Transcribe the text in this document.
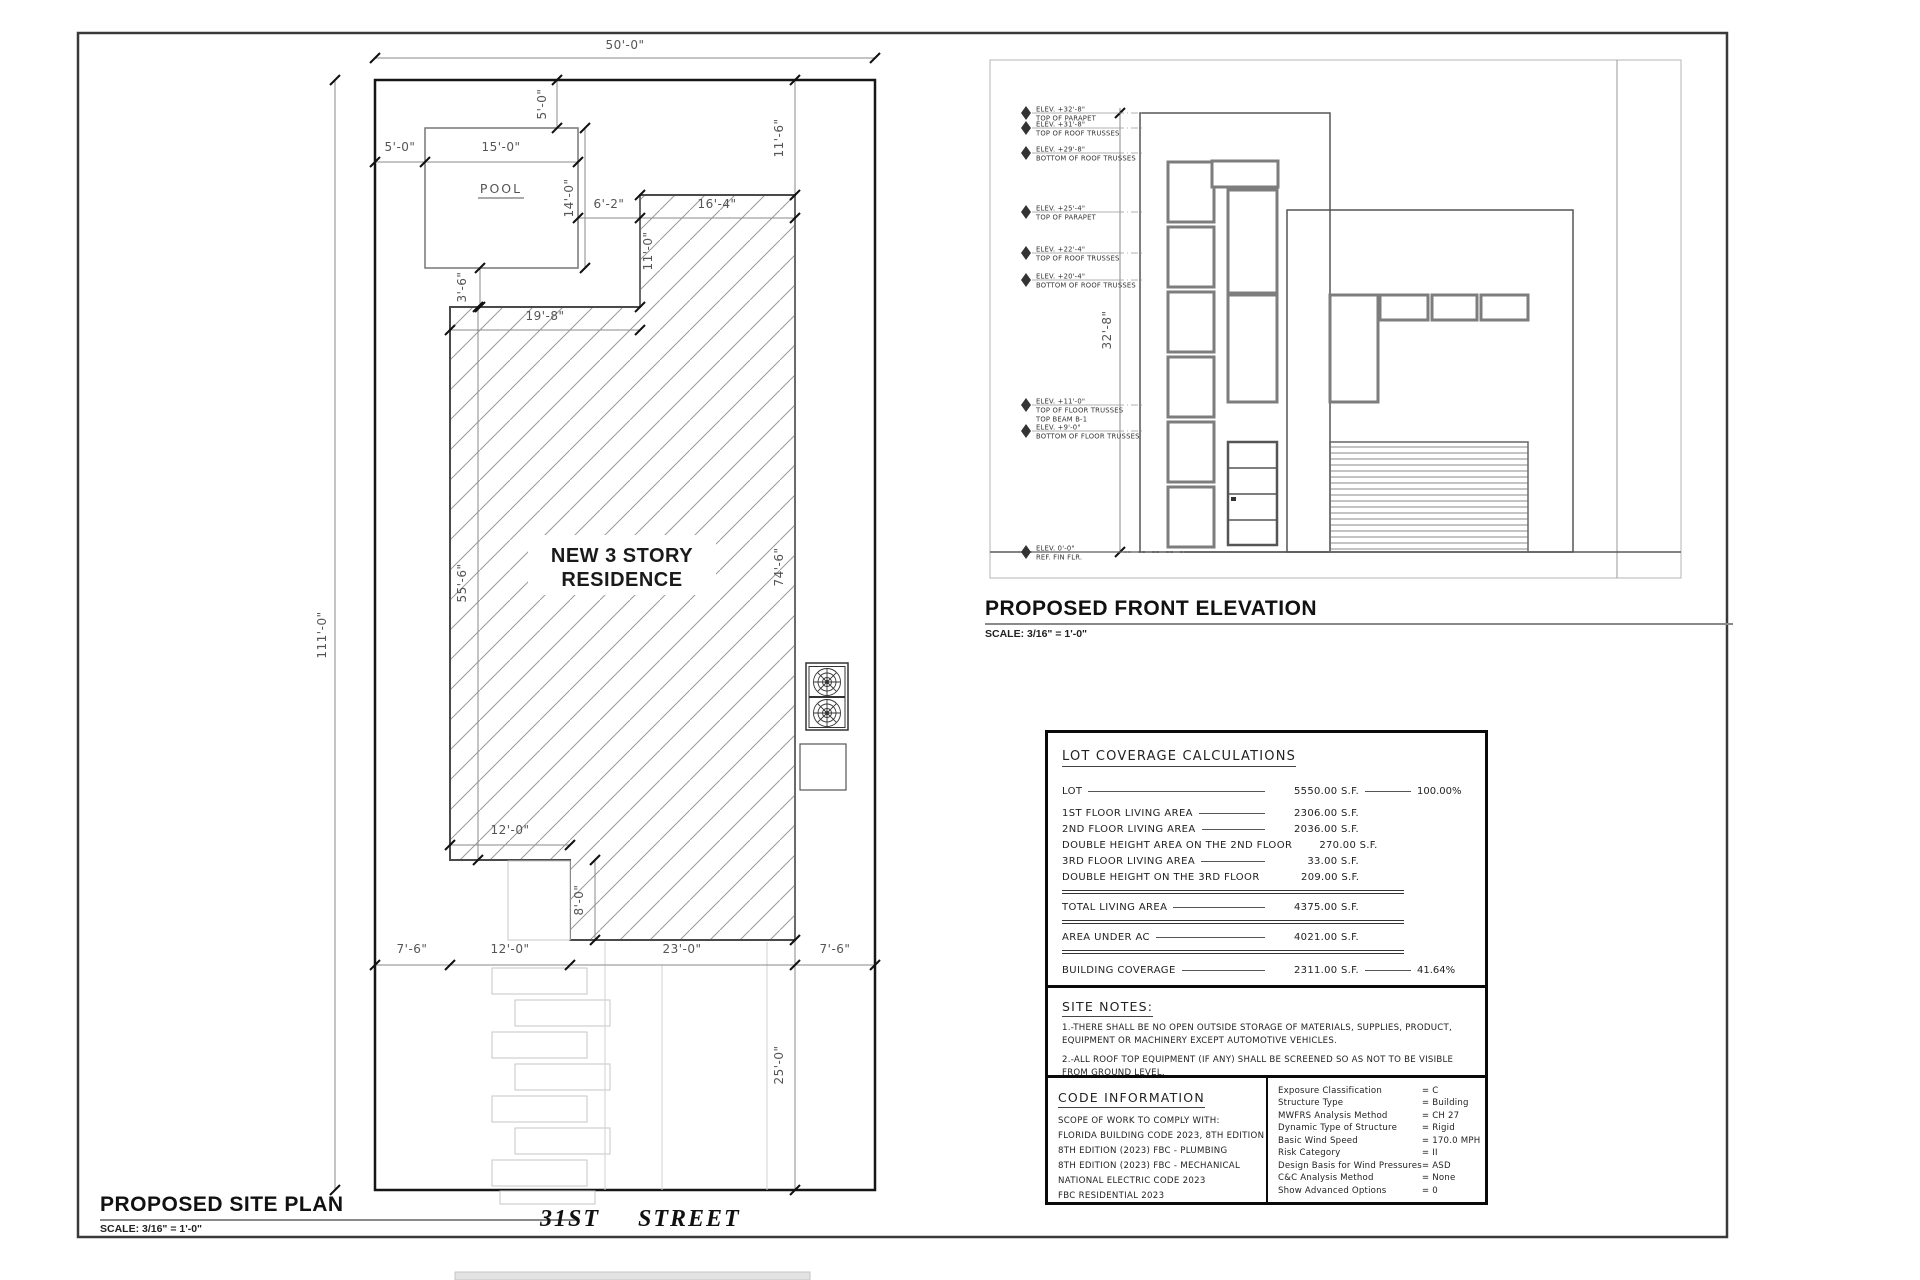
POOL
50'-0"
111'-0"
11'-6"
74'-6"
25'-0"
5'-0"
5'-0"	15'-0"
14'-0" 6'-2"	16'-4"
11'-0"
3'-6"
19'-8"
55'-6"
12'-0"
8'-0"
7'-6"	12'-0"	23'-0"	7'-6"
NEW 3 STORY
RESIDENCE
32'-8"
ELEV. +32'-8"
TOP OF PARAPET
ELEV. +31'-8"
TOP OF ROOF TRUSSES
ELEV. +29'-8"
BOTTOM OF ROOF TRUSSES
ELEV. +25'-4"
TOP OF PARAPET
ELEV. +22'-4"
TOP OF ROOF TRUSSES
ELEV. +20'-4"
BOTTOM OF ROOF TRUSSES
ELEV. +11'-0"
TOP OF FLOOR TRUSSES
TOP BEAM B-1
ELEV. +9'-0"
BOTTOM OF FLOOR TRUSSES
ELEV. 0'-0"
REF. FIN FLR.
PROPOSED SITE PLAN
SCALE: 3/16" = 1'-0"	31ST STREET
PROPOSED FRONT ELEVATION
SCALE: 3/16" = 1'-0"
LOT COVERAGE CALCULATIONS
LOT	5550.00 S.F.	100.00%
1ST FLOOR LIVING AREA	2306.00 S.F.
2ND FLOOR LIVING AREA	2036.00 S.F.
DOUBLE HEIGHT AREA ON THE 2ND FLOOR	270.00 S.F.
3RD FLOOR LIVING AREA	33.00 S.F.
DOUBLE HEIGHT ON THE 3RD FLOOR	209.00 S.F.
TOTAL LIVING AREA	4375.00 S.F.
AREA UNDER AC	4021.00 S.F.
BUILDING COVERAGE	2311.00 S.F.	41.64%
SITE NOTES:
1.-THERE SHALL BE NO OPEN OUTSIDE STORAGE OF MATERIALS, SUPPLIES, PRODUCT, EQUIPMENT OR MACHINERY EXCEPT AUTOMOTIVE VEHICLES.
2.-ALL ROOF TOP EQUIPMENT (IF ANY) SHALL BE SCREENED SO AS NOT TO BE VISIBLE FROM GROUND LEVEL.
CODE INFORMATION
SCOPE OF WORK TO COMPLY WITH:
FLORIDA BUILDING CODE 2023, 8TH EDITION
8TH EDITION (2023) FBC - PLUMBING
8TH EDITION (2023) FBC - MECHANICAL
NATIONAL ELECTRIC CODE 2023
FBC RESIDENTIAL 2023
Exposure Classification	= C
Structure Type	= Building
MWFRS Analysis Method	= CH 27
Dynamic Type of Structure	= Rigid
Basic Wind Speed	= 170.0 MPH
Risk Category	= II
Design Basis for Wind Pressures = ASD
C&C Analysis Method	= None
Show Advanced Options	= 0
